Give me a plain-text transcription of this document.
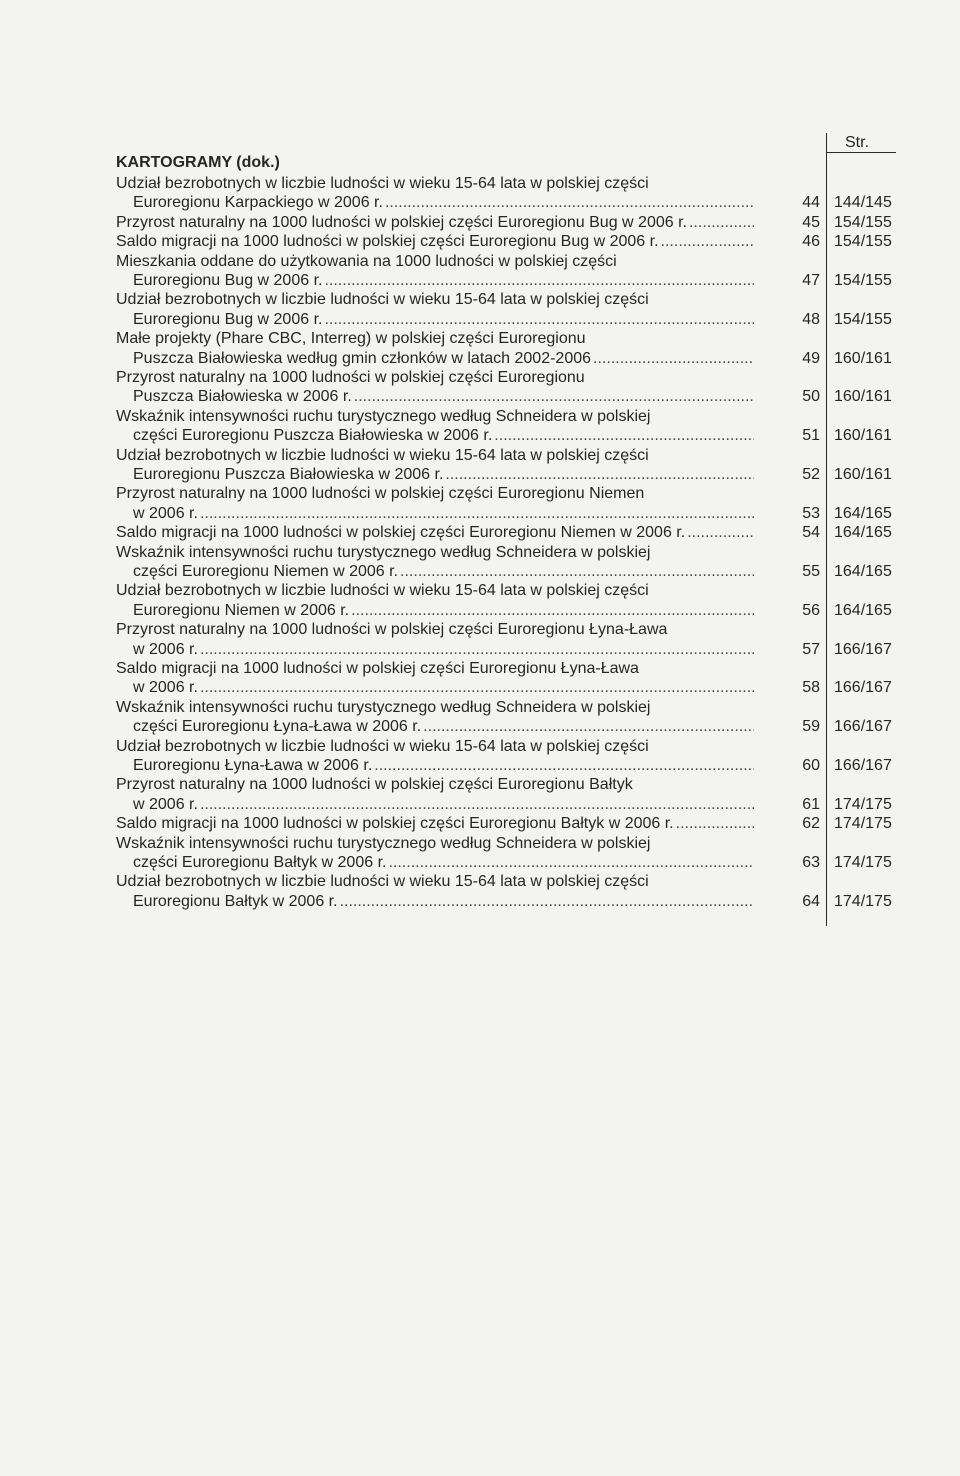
Str.
KARTOGRAMY (dok.)
Udział bezrobotnych w liczbie ludności w wieku 15-64 lata w polskiej części
Euroregionu Karpackiego w 2006 r. .....	44 144/145
Przyrost naturalny na 1000 ludności w polskiej części Euroregionu Bug w 2006 r. .....	45 154/155
Saldo migracji na 1000 ludności w polskiej części Euroregionu Bug w 2006 r. .....	46 154/155
Mieszkania oddane do użytkowania na 1000 ludności w polskiej części
Euroregionu Bug w 2006 r. .....	47 154/155
Udział bezrobotnych w liczbie ludności w wieku 15-64 lata w polskiej części
Euroregionu Bug w 2006 r. .....	48 154/155
Małe projekty (Phare CBC, Interreg) w polskiej części Euroregionu
Puszcza Białowieska według gmin członków w latach 2002-2006 .....	49 160/161
Przyrost naturalny na 1000 ludności w polskiej części Euroregionu
Puszcza Białowieska w 2006 r. .....	50 160/161
Wskaźnik intensywności ruchu turystycznego według Schneidera w polskiej
części Euroregionu Puszcza Białowieska w 2006 r. .....	51 160/161
Udział bezrobotnych w liczbie ludności w wieku 15-64 lata w polskiej części
Euroregionu Puszcza Białowieska w 2006 r. .....	52 160/161
Przyrost naturalny na 1000 ludności w polskiej części Euroregionu Niemen
w 2006 r. .....	53 164/165
Saldo migracji na 1000 ludności w polskiej części Euroregionu Niemen w 2006 r. .....	54 164/165
Wskaźnik intensywności ruchu turystycznego według Schneidera w polskiej
części Euroregionu Niemen w 2006 r. .....	55 164/165
Udział bezrobotnych w liczbie ludności w wieku 15-64 lata w polskiej części
Euroregionu Niemen w 2006 r. .....	56 164/165
Przyrost naturalny na 1000 ludności w polskiej części Euroregionu Łyna-Ława
w 2006 r. .....	57 166/167
Saldo migracji na 1000 ludności w polskiej części Euroregionu Łyna-Ława
w 2006 r. .....	58 166/167
Wskaźnik intensywności ruchu turystycznego według Schneidera w polskiej
części Euroregionu Łyna-Ława w 2006 r. .....	59 166/167
Udział bezrobotnych w liczbie ludności w wieku 15-64 lata w polskiej części
Euroregionu Łyna-Ława w 2006 r. .....	60 166/167
Przyrost naturalny na 1000 ludności w polskiej części Euroregionu Bałtyk
w 2006 r. .....	61 174/175
Saldo migracji na 1000 ludności w polskiej części Euroregionu Bałtyk w 2006 r. .....	62 174/175
Wskaźnik intensywności ruchu turystycznego według Schneidera w polskiej
części Euroregionu Bałtyk w 2006 r. .....	63 174/175
Udział bezrobotnych w liczbie ludności w wieku 15-64 lata w polskiej części
Euroregionu Bałtyk w 2006 r. .....	64 174/175
